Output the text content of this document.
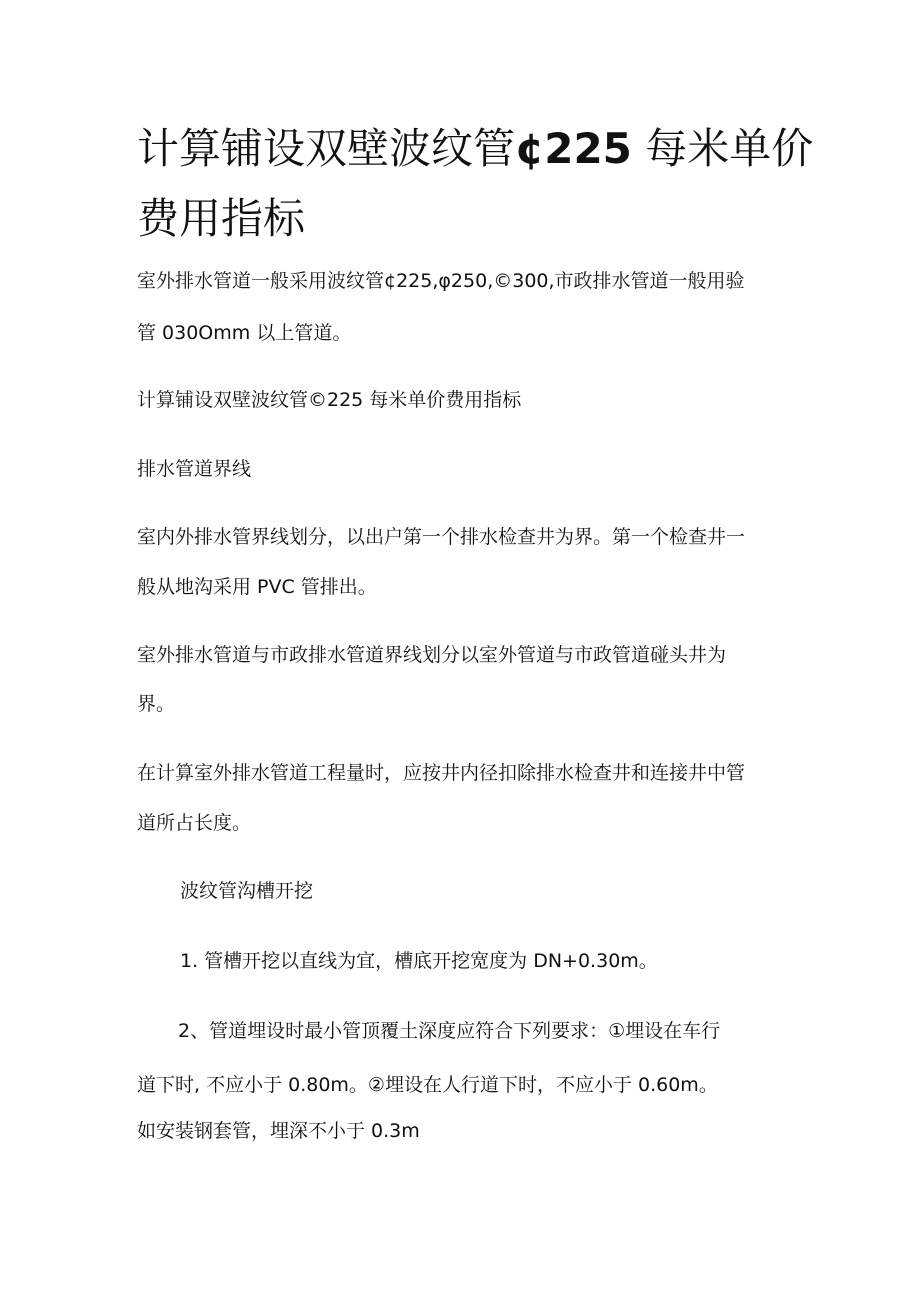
计算铺设双壁波纹管¢225 每米单价
费用指标

室外排水管道一般采用波纹管¢225,φ250,©300,市政排水管道一般用验

管 030Omm 以上管道。

计算铺设双壁波纹管©225 每米单价费用指标

排水管道界线

室内外排水管界线划分，以出户第一个排水检查井为界。第一个检查井一

般从地沟采用 PVC 管排出。

室外排水管道与市政排水管道界线划分以室外管道与市政管道碰头井为

界。

在计算室外排水管道工程量时，应按井内径扣除排水检查井和连接井中管

道所占长度。

波纹管沟槽开挖

1. 管槽开挖以直线为宜，槽底开挖宽度为 DN+0.30m。

2、管道埋设时最小管顶覆土深度应符合下列要求：①埋设在车行

道下时, 不应小于 0.80m。②埋设在人行道下时，不应小于 0.60m。

如安装钢套管，埋深不小于 0.3m
